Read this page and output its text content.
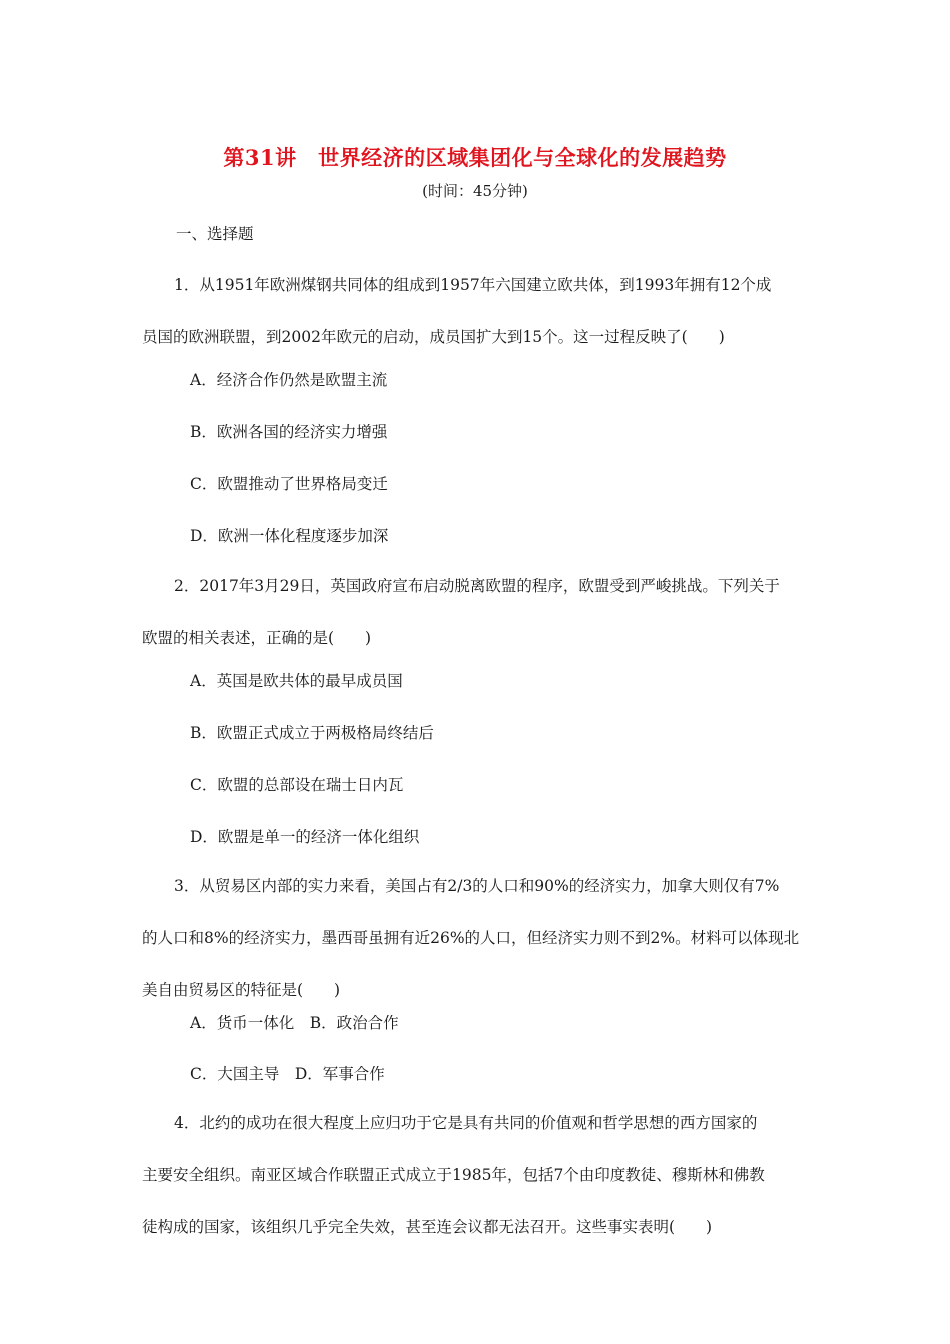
第31讲　世界经济的区域集团化与全球化的发展趋势
(时间：45分钟)
一、选择题
1．从1951年欧洲煤钢共同体的组成到1957年六国建立欧共体，到1993年拥有12个成
员国的欧洲联盟，到2002年欧元的启动，成员国扩大到15个。这一过程反映了(　　)
A．经济合作仍然是欧盟主流
B．欧洲各国的经济实力增强
C．欧盟推动了世界格局变迁
D．欧洲一体化程度逐步加深
2．2017年3月29日，英国政府宣布启动脱离欧盟的程序，欧盟受到严峻挑战。下列关于
欧盟的相关表述，正确的是(　　)
A．英国是欧共体的最早成员国
B．欧盟正式成立于两极格局终结后
C．欧盟的总部设在瑞士日内瓦
D．欧盟是单一的经济一体化组织
3．从贸易区内部的实力来看，美国占有2/3的人口和90%的经济实力，加拿大则仅有7%
的人口和8%的经济实力，墨西哥虽拥有近26%的人口，但经济实力则不到2%。材料可以体现北
美自由贸易区的特征是(　　)
A．货币一体化　B．政治合作
C．大国主导　D．军事合作
4．北约的成功在很大程度上应归功于它是具有共同的价值观和哲学思想的西方国家的
主要安全组织。南亚区域合作联盟正式成立于1985年，包括7个由印度教徒、穆斯林和佛教
徒构成的国家，该组织几乎完全失效，甚至连会议都无法召开。这些事实表明(　　)
